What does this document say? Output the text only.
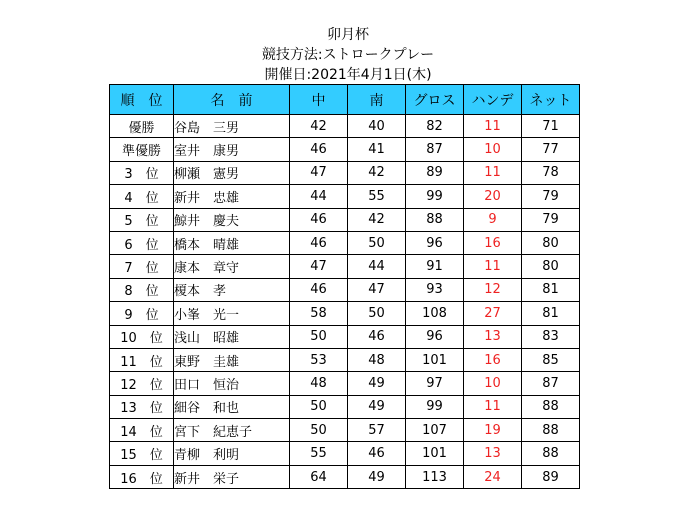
卯月杯
競技方法:ストロークプレー
開催日:2021年4月1日(木)
順　位	名　前	中	南	グロス	ハンデ	ネット
優勝	谷島　三男	42	40	82	11	71
準優勝	室井　康男	46	41	87	10	77
3　位	柳瀬　憲男	47	42	89	11	78
4　位	新井　忠雄	44	55	99	20	79
5　位	鯨井　慶夫	46	42	88	9	79
6　位	橋本　晴雄	46	50	96	16	80
7　位	康本　章守	47	44	91	11	80
8　位	榎本　孝	46	47	93	12	81
9　位	小峯　光一	58	50	108	27	81
10　位	浅山　昭雄	50	46	96	13	83
11　位	東野　圭雄	53	48	101	16	85
12　位	田口　恒治	48	49	97	10	87
13　位	細谷　和也	50	49	99	11	88
14　位	宮下　紀恵子	50	57	107	19	88
15　位	青柳　利明	55	46	101	13	88
16　位	新井　栄子	64	49	113	24	89
